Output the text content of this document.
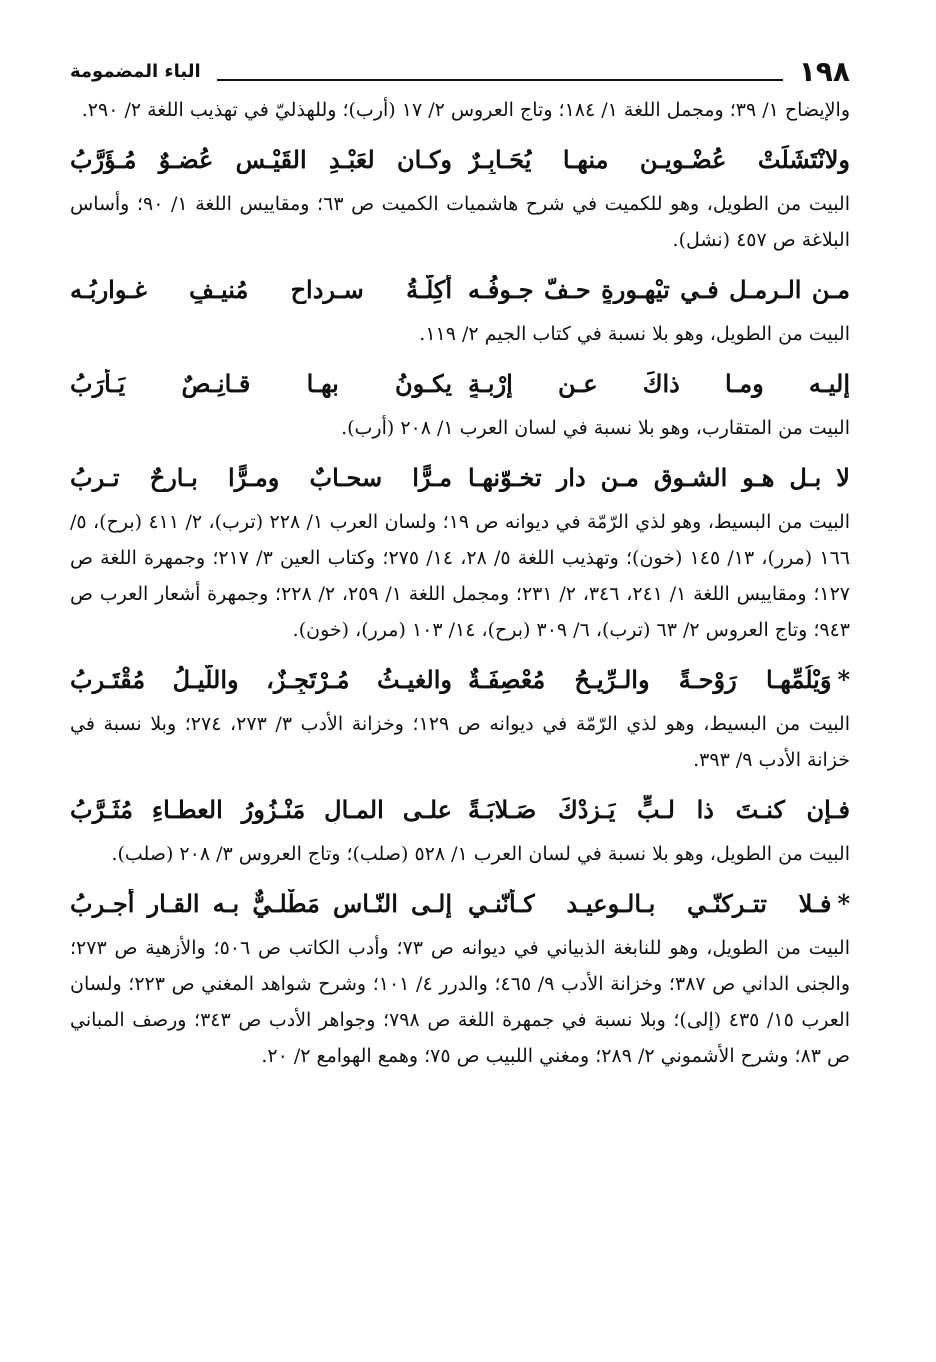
١٩٨
الباء المضمومة

والإيضاح ١/ ٣٩؛ ومجمل اللغة ١/ ١٨٤؛ وتاج العروس ٢/ ١٧ (أرب)؛ وللهذليّ في تهذيب اللغة ٢/ ٢٩٠.

ولانْتَشَلَتْ عُضْـويـنِ منهـا يُحَـابِـرٌ
وكـان لعَبْـدِ القَيْـسِ عُضـوٌ مُـؤَرَّبُ

البيت من الطويل، وهو للكميت في شرح هاشميات الكميت ص ٦٣؛ ومقاييس اللغة ١/ ٩٠؛ وأساس البلاغة ص ٤٥٧ (نشل).

مـن الـرمـل فـي تيْهـورةٍ حـفّ جـوفُـه
أكِلّـةُ سـرداحٍ مُنيـفٍ غـواربُـه

البيت من الطويل، وهو بلا نسبة في كتاب الجيم ٢/ ١١٩.

إليـه ومـا ذاكَ عـن إرْبـةٍ
يكـونُ بهـا قـانِـصٌ يَـأْرَبُ

البيت من المتقارب، وهو بلا نسبة في لسان العرب ١/ ٢٠٨ (أرب).

لا بـل هـو الشـوق مـن دار تخـوّنهـا
مـرًّا سحـابٌ ومـرًّا بـارحٌ تـربُ

البيت من البسيط، وهو لذي الرّمّة في ديوانه ص ١٩؛ ولسان العرب ١/ ٢٢٨ (ترب)، ٢/ ٤١١ (برح)، ٥/ ١٦٦ (مرر)، ١٣/ ١٤٥ (خون)؛ وتهذيب اللغة ٥/ ٢٨، ١٤/ ٢٧٥؛ وكتاب العين ٣/ ٢١٧؛ وجمهرة اللغة ص ١٢٧؛ ومقاييس اللغة ١/ ٢٤١، ٣٤٦، ٢/ ٢٣١؛ ومجمل اللغة ١/ ٢٥٩، ٢/ ٢٢٨؛ وجمهرة أشعار العرب ص ٩٤٣؛ وتاج العروس ٢/ ٦٣ (ترب)، ٦/ ٣٠٩ (برح)، ١٤/ ١٠٣ (مرر)، (خون).

*وَيْلُمِّهـا رَوْحـةً والـرِّيـحُ مُعْصِفَـةٌ
والغيـثُ مُـرْتَجِـزٌ، واللّيـلُ مُقْتَـرِبُ

البيت من البسيط، وهو لذي الرّمّة في ديوانه ص ١٢٩؛ وخزانة الأدب ٣/ ٢٧٣، ٢٧٤؛ وبلا نسبة في خزانة الأدب ٩/ ٣٩٣.

فـإن كنـتَ ذا لـبٍّ يَـزِدْكَ صَـلابَـةً
علـى المـالِ مَنْـزُورُ العطـاءِ مُثَـرَّبُ

البيت من الطويل، وهو بلا نسبة في لسان العرب ١/ ٥٢٨ (صلب)؛ وتاج العروس ٣/ ٢٠٨ (صلب).

*فـلا تتـركنّـي بـالـوعيـد كـأنّنـي
إلـى النّـاسِ مَطْلـيٌّ بـه القـار أجـربُ

البيت من الطويل، وهو للنابغة الذبياني في ديوانه ص ٧٣؛ وأدب الكاتب ص ٥٠٦؛ والأزهية ص ٢٧٣؛ والجنى الداني ص ٣٨٧؛ وخزانة الأدب ٩/ ٤٦٥؛ والدرر ٤/ ١٠١؛ وشرح شواهد المغني ص ٢٢٣؛ ولسان العرب ١٥/ ٤٣٥ (إلى)؛ وبلا نسبة في جمهرة اللغة ص ٧٩٨؛ وجواهر الأدب ص ٣٤٣؛ ورصف المباني ص ٨٣؛ وشرح الأشموني ٢/ ٢٨٩؛ ومغني اللبيب ص ٧٥؛ وهمع الهوامع ٢/ ٢٠.
